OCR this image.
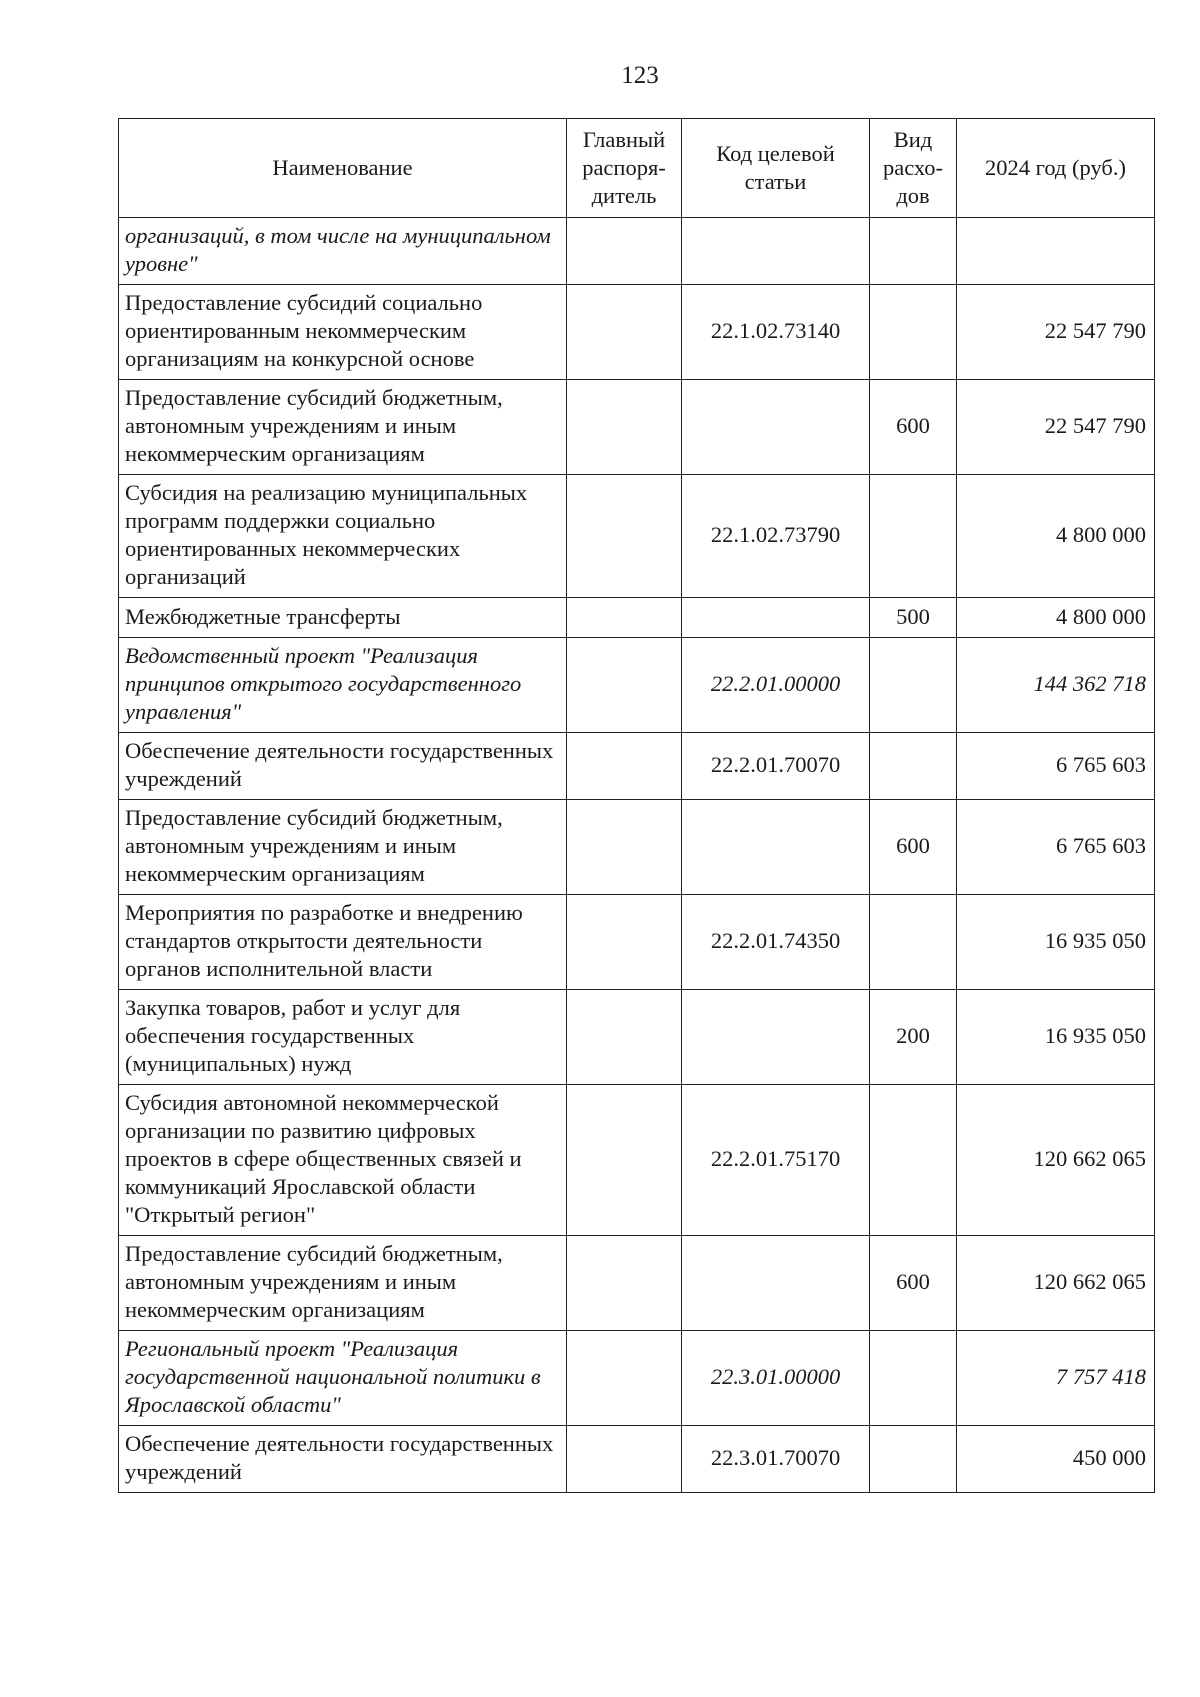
123
Наименование	Главный распоря-дитель	Код целевой статьи	Вид расхо-дов	2024 год (руб.)
организаций, в том числе на муниципальном уровне"				
Предоставление субсидий социально ориентированным некоммерческим организациям на конкурсной основе		22.1.02.73140		22 547 790
Предоставление субсидий бюджетным, автономным учреждениям и иным некоммерческим организациям			600	22 547 790
Субсидия на реализацию муниципальных программ поддержки социально ориентированных некоммерческих организаций		22.1.02.73790		4 800 000
Межбюджетные трансферты			500	4 800 000
Ведомственный проект "Реализация принципов открытого государственного управления"		22.2.01.00000		144 362 718
Обеспечение деятельности государственных учреждений		22.2.01.70070		6 765 603
Предоставление субсидий бюджетным, автономным учреждениям и иным некоммерческим организациям			600	6 765 603
Мероприятия по разработке и внедрению стандартов открытости деятельности органов исполнительной власти		22.2.01.74350		16 935 050
Закупка товаров, работ и услуг для обеспечения государственных (муниципальных) нужд			200	16 935 050
Субсидия автономной некоммерческой организации по развитию цифровых проектов в сфере общественных связей и коммуникаций Ярославской области "Открытый регион"		22.2.01.75170		120 662 065
Предоставление субсидий бюджетным, автономным учреждениям и иным некоммерческим организациям			600	120 662 065
Региональный проект "Реализация государственной национальной политики в Ярославской области"		22.3.01.00000		7 757 418
Обеспечение деятельности государственных учреждений		22.3.01.70070		450 000
